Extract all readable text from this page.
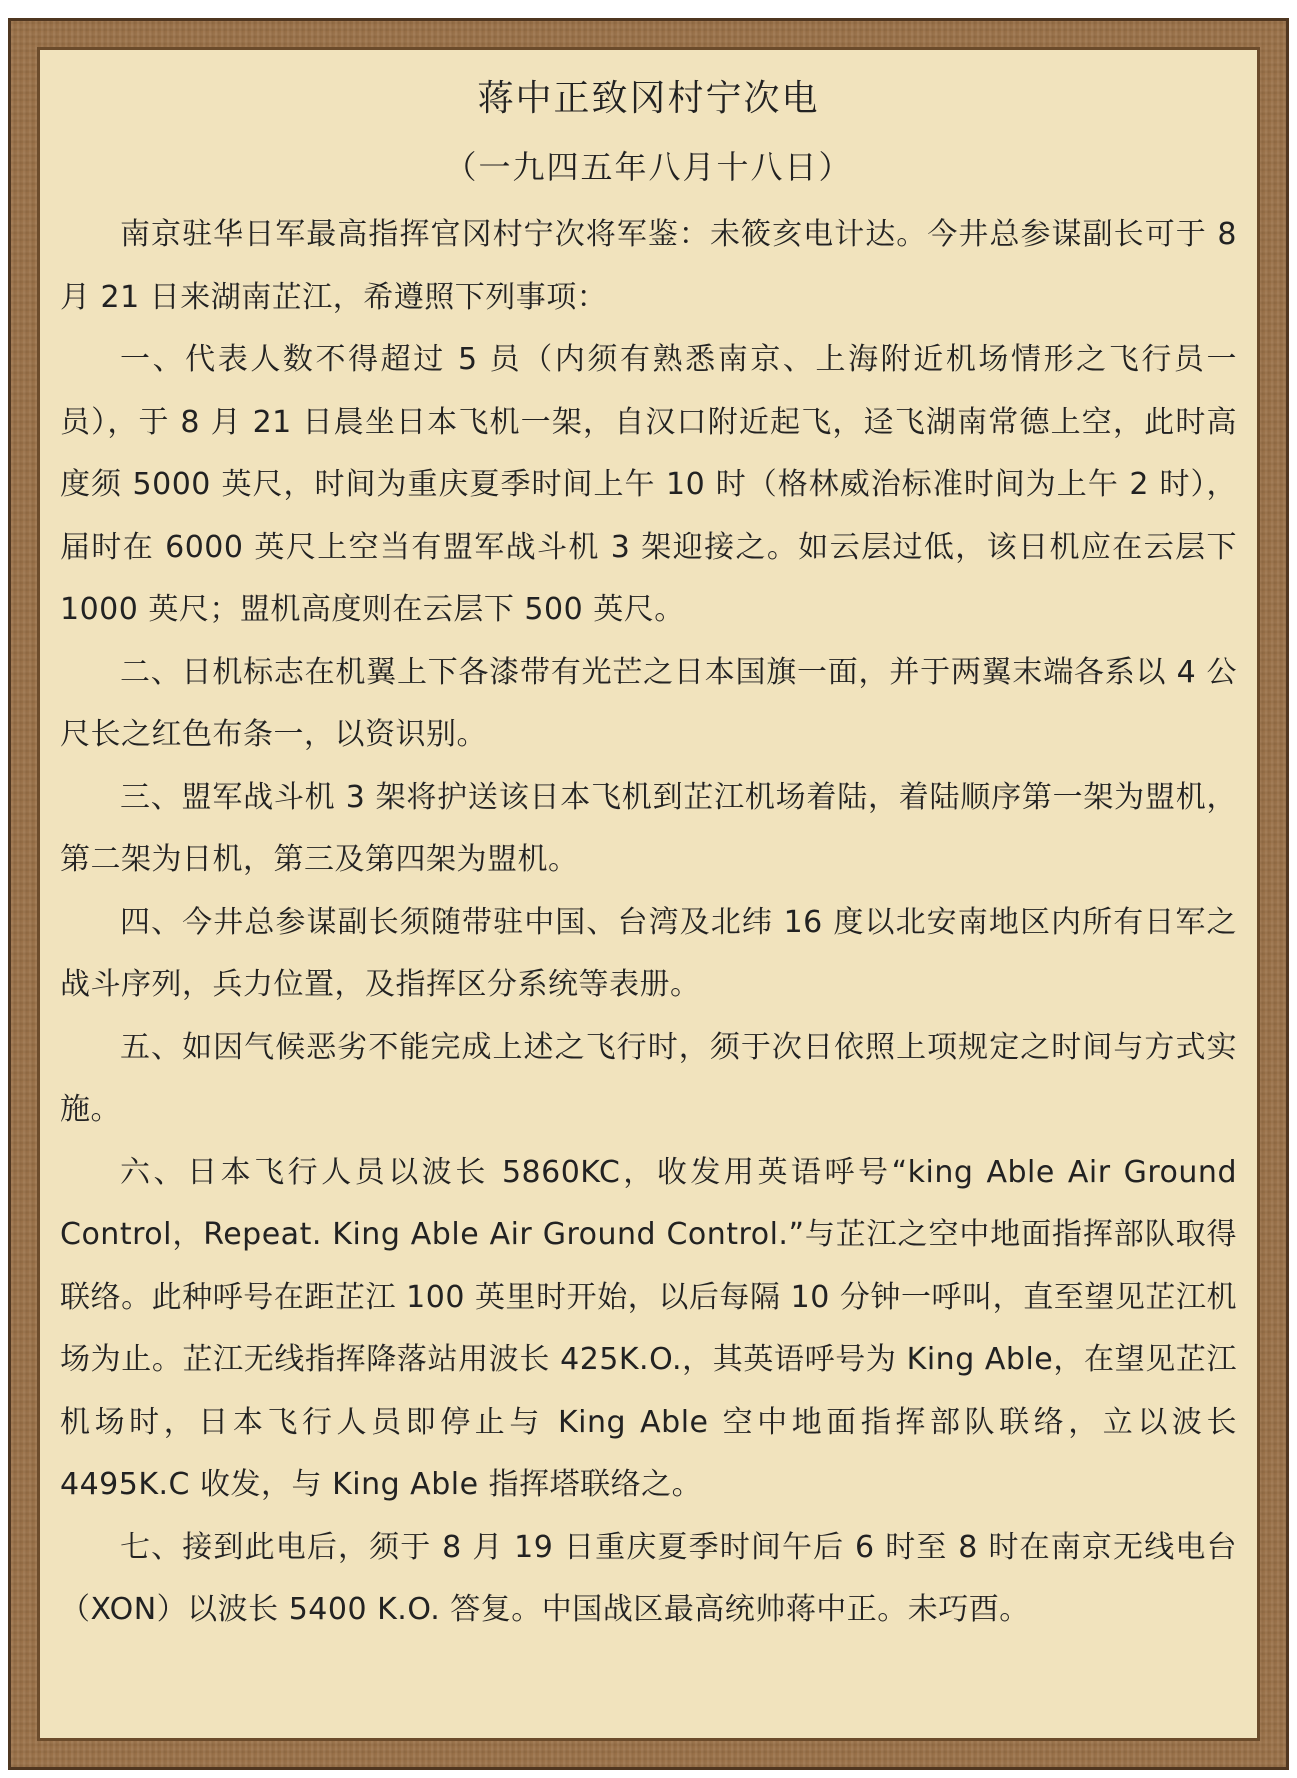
蒋中正致冈村宁次电

（一九四五年八月十八日）

南京驻华日军最高指挥官冈村宁次将军鉴：未筱亥电计达。今井总参谋副长可于 8 月 21 日来湖南芷江，希遵照下列事项：

一、代表人数不得超过 5 员（内须有熟悉南京、上海附近机场情形之飞行员一员），于 8 月 21 日晨坐日本飞机一架，自汉口附近起飞，迳飞湖南常德上空，此时高度须 5000 英尺，时间为重庆夏季时间上午 10 时（格林威治标准时间为上午 2 时），届时在 6000 英尺上空当有盟军战斗机 3 架迎接之。如云层过低，该日机应在云层下 1000 英尺；盟机高度则在云层下 500 英尺。

二、日机标志在机翼上下各漆带有光芒之日本国旗一面，并于两翼末端各系以 4 公尺长之红色布条一，以资识别。

三、盟军战斗机 3 架将护送该日本飞机到芷江机场着陆，着陆顺序第一架为盟机，第二架为日机，第三及第四架为盟机。

四、今井总参谋副长须随带驻中国、台湾及北纬 16 度以北安南地区内所有日军之战斗序列，兵力位置，及指挥区分系统等表册。

五、如因气候恶劣不能完成上述之飞行时，须于次日依照上项规定之时间与方式实施。

六、日本飞行人员以波长 5860KC，收发用英语呼号“king Able Air Ground Control，Repeat. King Able Air Ground Control.”与芷江之空中地面指挥部队取得联络。此种呼号在距芷江 100 英里时开始，以后每隔 10 分钟一呼叫，直至望见芷江机场为止。芷江无线指挥降落站用波长 425K.O.，其英语呼号为 King Able，在望见芷江机场时，日本飞行人员即停止与 King Able 空中地面指挥部队联络，立以波长 4495K.C 收发，与 King Able 指挥塔联络之。

七、接到此电后，须于 8 月 19 日重庆夏季时间午后 6 时至 8 时在南京无线电台（XON）以波长 5400 K.O. 答复。中国战区最高统帅蒋中正。未巧酉。
